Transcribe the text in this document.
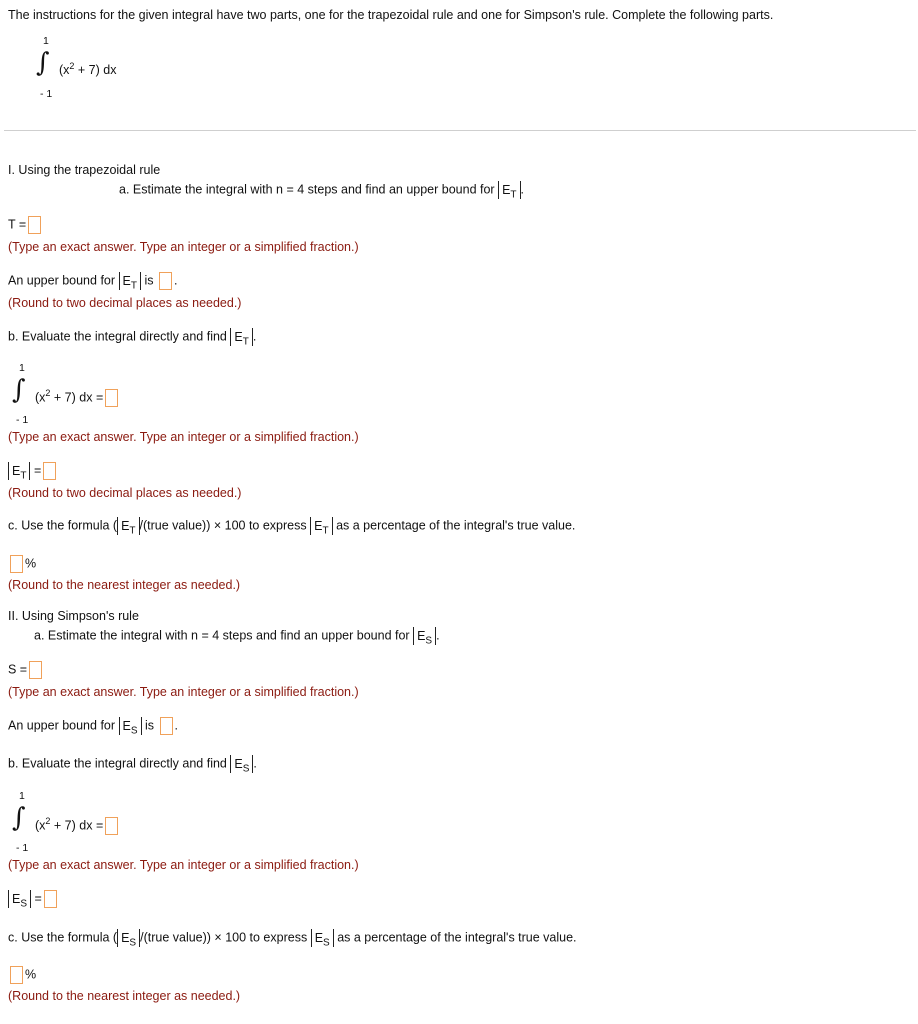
The instructions for the given integral have two parts, one for the trapezoidal rule and one for Simpson's rule. Complete the following parts.
1
∫ $(x^2 + 7)$ dx
- 1
I. Using the trapezoidal rule
a. Estimate the integral with n = 4 steps and find an upper bound for $E_T$ .
T =
(Type an exact answer. Type an integer or a simplified fraction.)
An upper bound for $E_T$ is .
(Round to two decimal places as needed.)
b. Evaluate the integral directly and find $E_T$ .
1
∫ $(x^2 + 7)$ dx =
- 1
(Type an exact answer. Type an integer or a simplified fraction.)
$E_T$ =
(Round to two decimal places as needed.)
c. Use the formula ( $E_T$ /(true value)) × 100 to express $E_T$ as a percentage of the integral's true value.
%
(Round to the nearest integer as needed.)
II. Using Simpson's rule
a. Estimate the integral with n = 4 steps and find an upper bound for $E_S$ .
S =
(Type an exact answer. Type an integer or a simplified fraction.)
An upper bound for $E_S$ is .
b. Evaluate the integral directly and find $E_S$ .
1
∫ $(x^2 + 7)$ dx =
- 1
(Type an exact answer. Type an integer or a simplified fraction.)
$E_S$ =
c. Use the formula ( $E_S$ /(true value)) × 100 to express $E_S$ as a percentage of the integral's true value.
%
(Round to the nearest integer as needed.)
